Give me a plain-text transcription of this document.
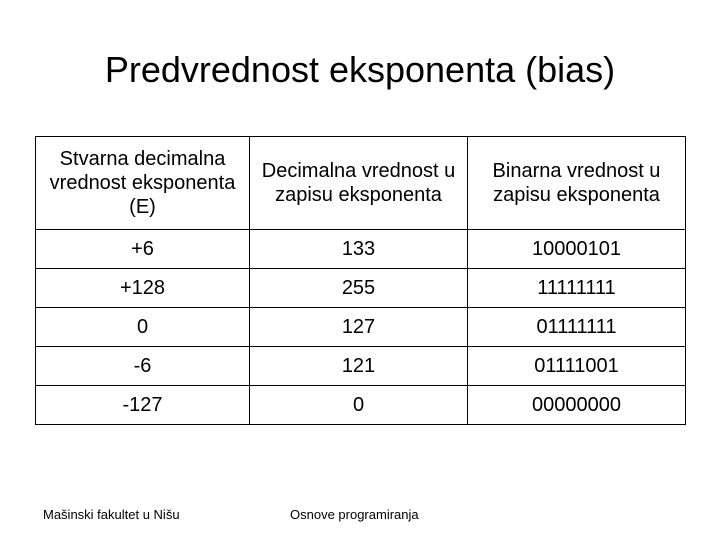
Predvrednost eksponenta (bias)
Stvarna decimalna vrednost eksponenta (E)	Decimalna vrednost u zapisu eksponenta	Binarna vrednost u zapisu eksponenta

+6	133	10000101
+128	255	11111111
0	127	01111111
-6	121	01111001
-127	0	00000000
Mašinski fakultet u Nišu	Osnove programiranja
